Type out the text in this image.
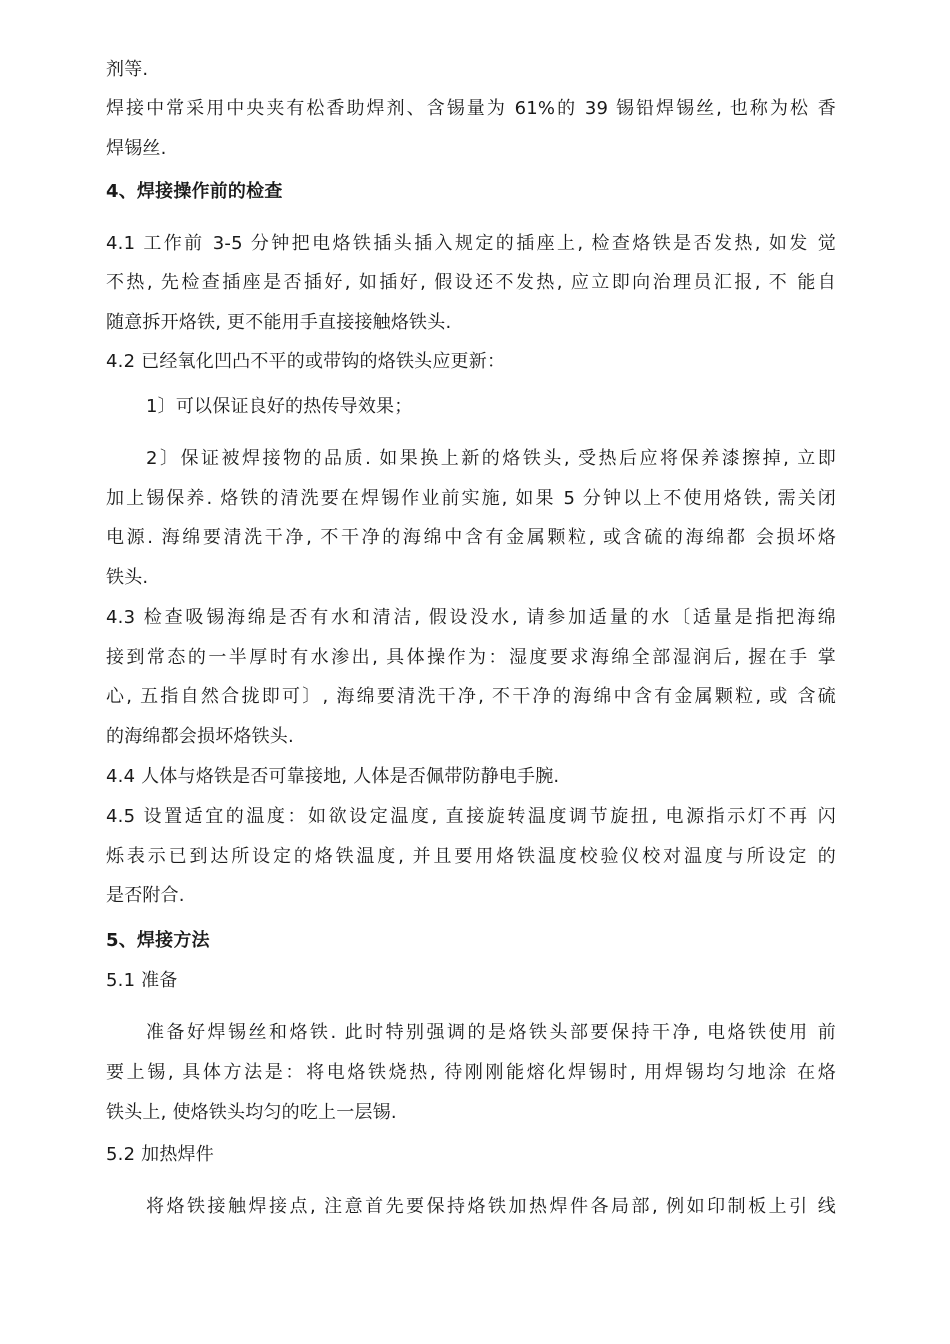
剂等.
焊接中常采用中央夹有松香助焊剂、含锡量为 61%的 39 锡铅焊锡丝, 也称为松 香
焊锡丝.
4、焊接操作前的检查
4.1 工作前 3-5 分钟把电烙铁插头插入规定的插座上, 检查烙铁是否发热, 如发 觉
不热, 先检查插座是否插好, 如插好, 假设还不发热, 应立即向治理员汇报, 不 能自
随意拆开烙铁, 更不能用手直接接触烙铁头.
4.2 已经氧化凹凸不平的或带钩的烙铁头应更新：
1〕可以保证良好的热传导效果；
2〕保证被焊接物的品质. 如果换上新的烙铁头, 受热后应将保养漆擦掉, 立即
加上锡保养. 烙铁的清洗要在焊锡作业前实施, 如果 5 分钟以上不使用烙铁, 需关闭
电源. 海绵要清洗干净, 不干净的海绵中含有金属颗粒, 或含硫的海绵都 会损坏烙
铁头.
4.3 检查吸锡海绵是否有水和清洁, 假设没水, 请参加适量的水〔适量是指把海绵
接到常态的一半厚时有水渗出, 具体操作为：湿度要求海绵全部湿润后, 握在手 掌
心, 五指自然合拢即可〕, 海绵要清洗干净, 不干净的海绵中含有金属颗粒, 或 含硫
的海绵都会损坏烙铁头.
4.4 人体与烙铁是否可靠接地, 人体是否佩带防静电手腕.
4.5 设置适宜的温度：如欲设定温度, 直接旋转温度调节旋扭, 电源指示灯不再 闪
烁表示已到达所设定的烙铁温度, 并且要用烙铁温度校验仪校对温度与所设定 的
是否附合.
5、焊接方法
5.1 准备
准备好焊锡丝和烙铁. 此时特别强调的是烙铁头部要保持干净, 电烙铁使用 前
要上锡, 具体方法是：将电烙铁烧热, 待刚刚能熔化焊锡时, 用焊锡均匀地涂 在烙
铁头上, 使烙铁头均匀的吃上一层锡.
5.2 加热焊件
将烙铁接触焊接点, 注意首先要保持烙铁加热焊件各局部, 例如印制板上引 线
